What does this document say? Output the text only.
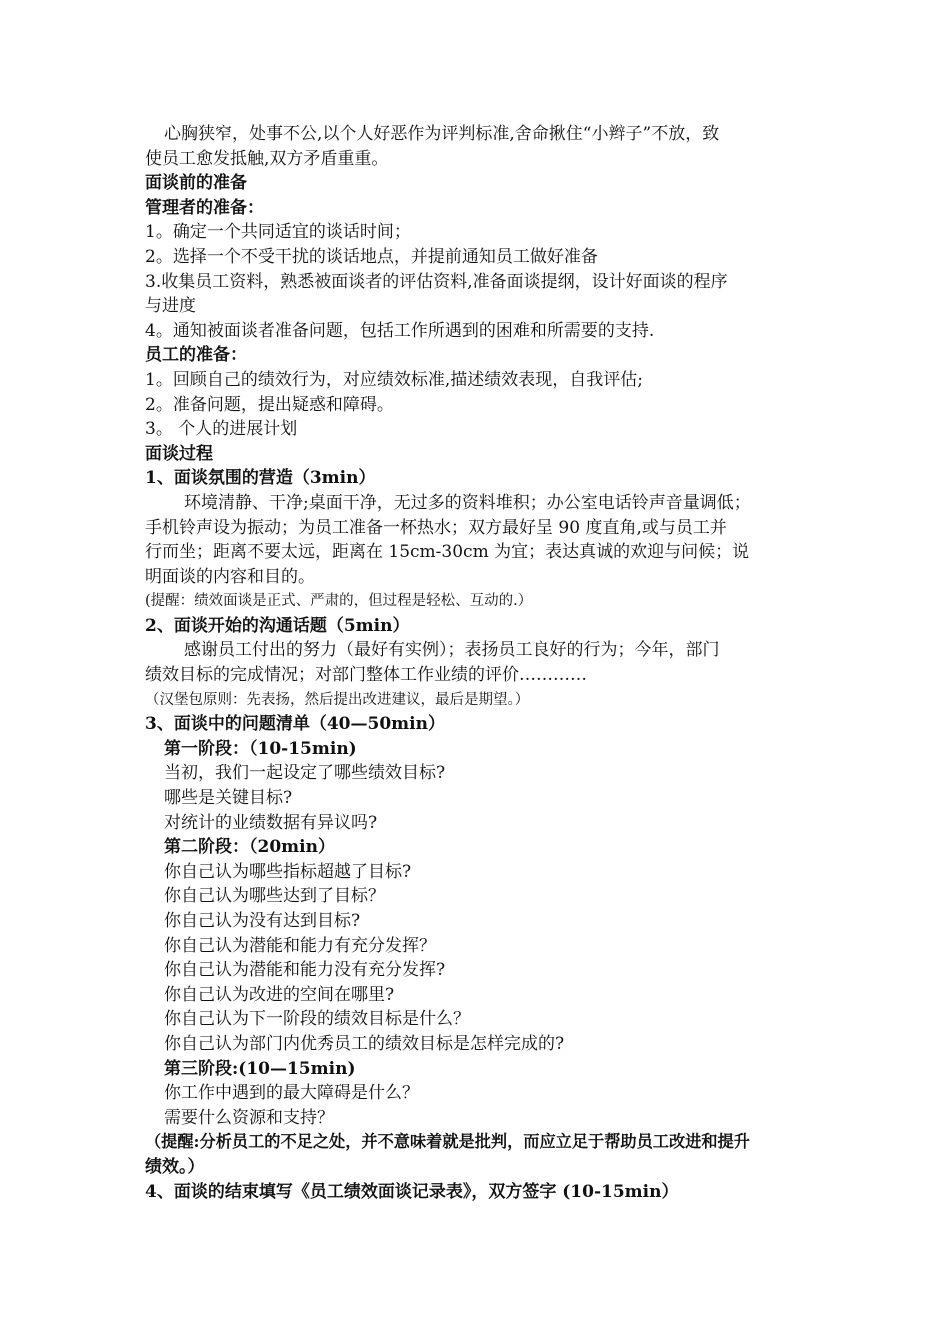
心胸狭窄，处事不公,以个人好恶作为评判标准,舍命揪住“小辫子”不放，致
使员工愈发抵触,双方矛盾重重。
面谈前的准备
管理者的准备：
1。确定一个共同适宜的谈话时间；
2。选择一个不受干扰的谈话地点，并提前通知员工做好准备
3.收集员工资料，熟悉被面谈者的评估资料,准备面谈提纲，设计好面谈的程序
与进度
4。通知被面谈者准备问题，包括工作所遇到的困难和所需要的支持.
员工的准备：
1。回顾自己的绩效行为，对应绩效标准,描述绩效表现，自我评估;
2。准备问题，提出疑惑和障碍。
3。 个人的进展计划
面谈过程
1、面谈氛围的营造（3min）
环境清静、干净;桌面干净，无过多的资料堆积；办公室电话铃声音量调低；
手机铃声设为振动；为员工准备一杯热水；双方最好呈 90 度直角,或与员工并
行而坐；距离不要太远，距离在 15cm-30cm 为宜；表达真诚的欢迎与问候；说
明面谈的内容和目的。
(提醒：绩效面谈是正式、严肃的，但过程是轻松、互动的.）
2、面谈开始的沟通话题（5min）
感谢员工付出的努力（最好有实例）；表扬员工良好的行为；今年，部门
绩效目标的完成情况；对部门整体工作业绩的评价…………
（汉堡包原则：先表扬，然后提出改进建议，最后是期望。）
3、面谈中的问题清单（40—50min）
第一阶段：（10-15min)
当初，我们一起设定了哪些绩效目标?
哪些是关键目标?
对统计的业绩数据有异议吗?
第二阶段：（20min）
你自己认为哪些指标超越了目标?
你自己认为哪些达到了目标？
你自己认为没有达到目标?
你自己认为潜能和能力有充分发挥？
你自己认为潜能和能力没有充分发挥?
你自己认为改进的空间在哪里?
你自己认为下一阶段的绩效目标是什么？
你自己认为部门内优秀员工的绩效目标是怎样完成的?
第三阶段:(10—15min)
你工作中遇到的最大障碍是什么？
需要什么资源和支持？
（提醒:分析员工的不足之处，并不意味着就是批判，而应立足于帮助员工改进和提升
绩效。）
4、面谈的结束填写《员工绩效面谈记录表》，双方签字 (10-15min）
